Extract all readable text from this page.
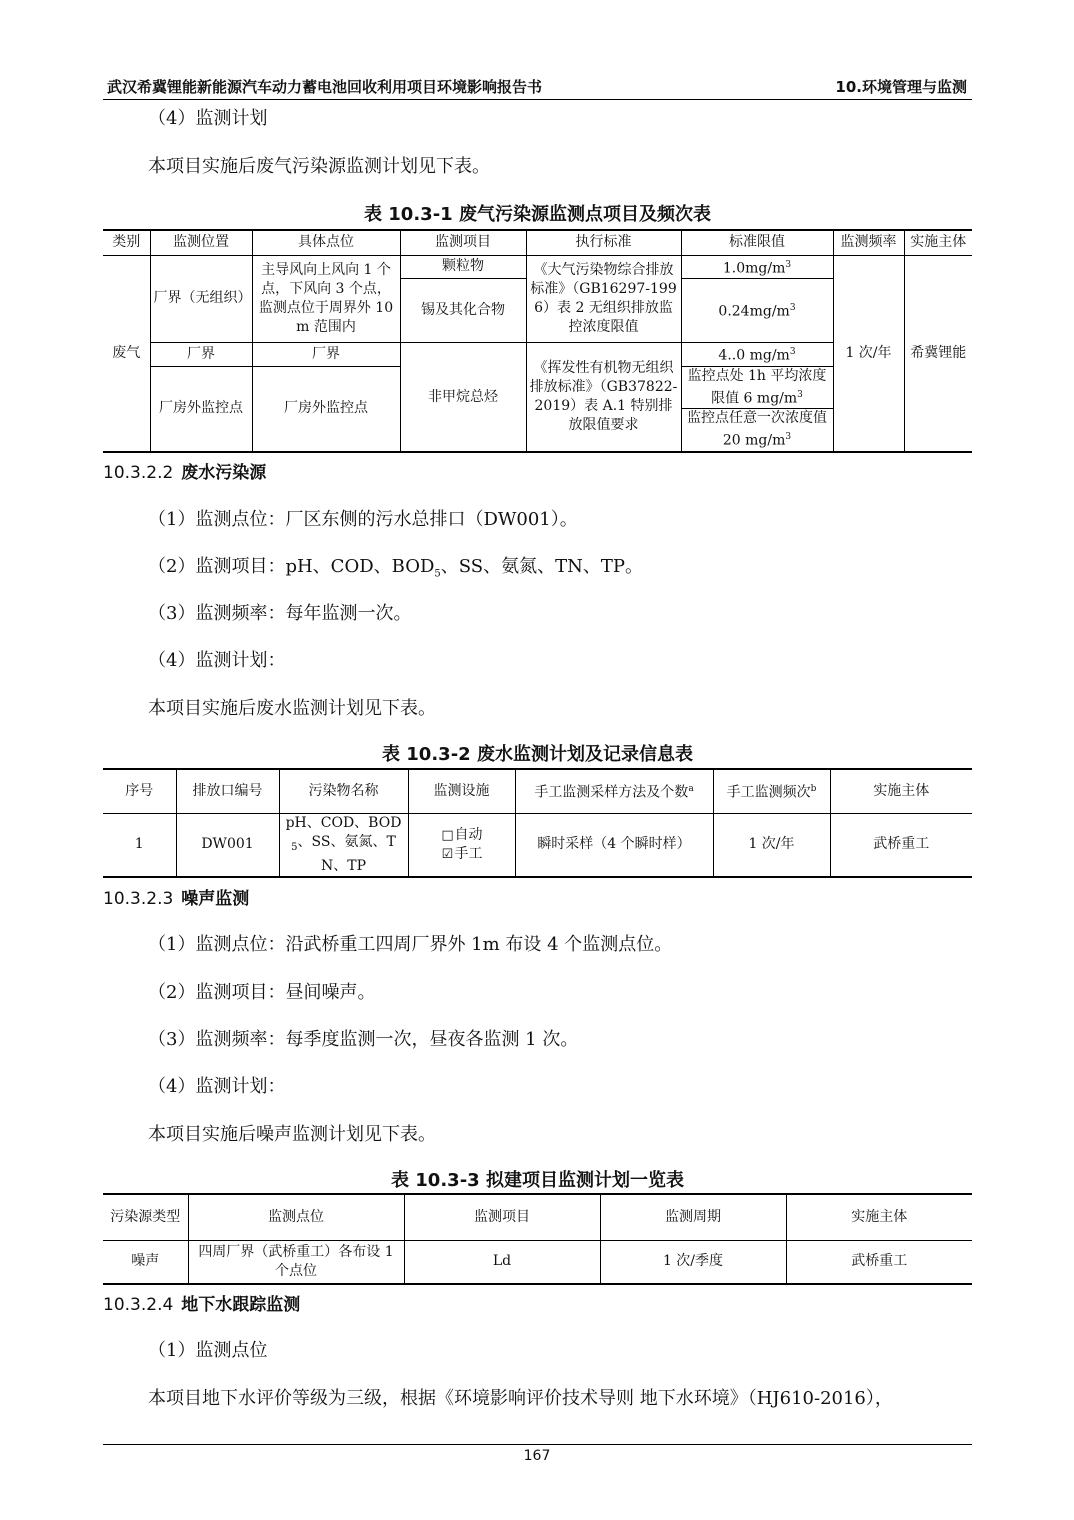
武汉希冀锂能新能源汽车动力蓄电池回收利用项目环境影响报告书	10.环境管理与监测
（4）监测计划
本项目实施后废气污染源监测计划见下表。
表 10.3-1 废气污染源监测点项目及频次表
类别	监测位置	具体点位	监测项目	执行标准	标准限值	监测频率	实施主体
废气	厂界（无组织）	主导风向上风向 1 个点，下风向 3 个点，监测点位于周界外 10m 范围内	颗粒物	《大气污染物综合排放标准》（GB16297-1996）表 2 无组织排放监控浓度限值	$1.0mg/m^3$	1 次/年	希冀锂能
			锡及其化合物		$0.24mg/m^3$
	厂界	厂界	非甲烷总烃	《挥发性有机物无组织排放标准》（GB37822-2019）表 A.1 特别排放限值要求	4..0 $mg/m^3$
	厂房外监控点	厂房外监控点			监控点处 1h 平均浓度限值 6 $mg/m^3$
					监控点任意一次浓度值 20 $mg/m^3$
10.3.2.2 废水污染源
（1）监测点位：厂区东侧的污水总排口（DW001）。
（2）监测项目：pH、COD、$BOD_5$、SS、氨氮、TN、TP。
（3）监测频率：每年监测一次。
（4）监测计划：
本项目实施后废水监测计划见下表。
表 10.3-2 废水监测计划及记录信息表
序号	排放口编号	污染物名称	监测设施	手工监测采样方法及个数$^a$	手工监测频次$^b$	实施主体
1	DW001	pH、COD、$BOD_5$、SS、氨氮、TN、TP	□自动
☑手工	瞬时采样（4 个瞬时样）	1 次/年	武桥重工
10.3.2.3 噪声监测
（1）监测点位：沿武桥重工四周厂界外 1m 布设 4 个监测点位。
（2）监测项目：昼间噪声。
（3）监测频率：每季度监测一次，昼夜各监测 1 次。
（4）监测计划：
本项目实施后噪声监测计划见下表。
表 10.3-3 拟建项目监测计划一览表
污染源类型	监测点位	监测项目	监测周期	实施主体
噪声	四周厂界（武桥重工）各布设 1 个点位	Ld	1 次/季度	武桥重工
10.3.2.4 地下水跟踪监测
（1）监测点位
本项目地下水评价等级为三级，根据《环境影响评价技术导则 地下水环境》（HJ610-2016），
167
